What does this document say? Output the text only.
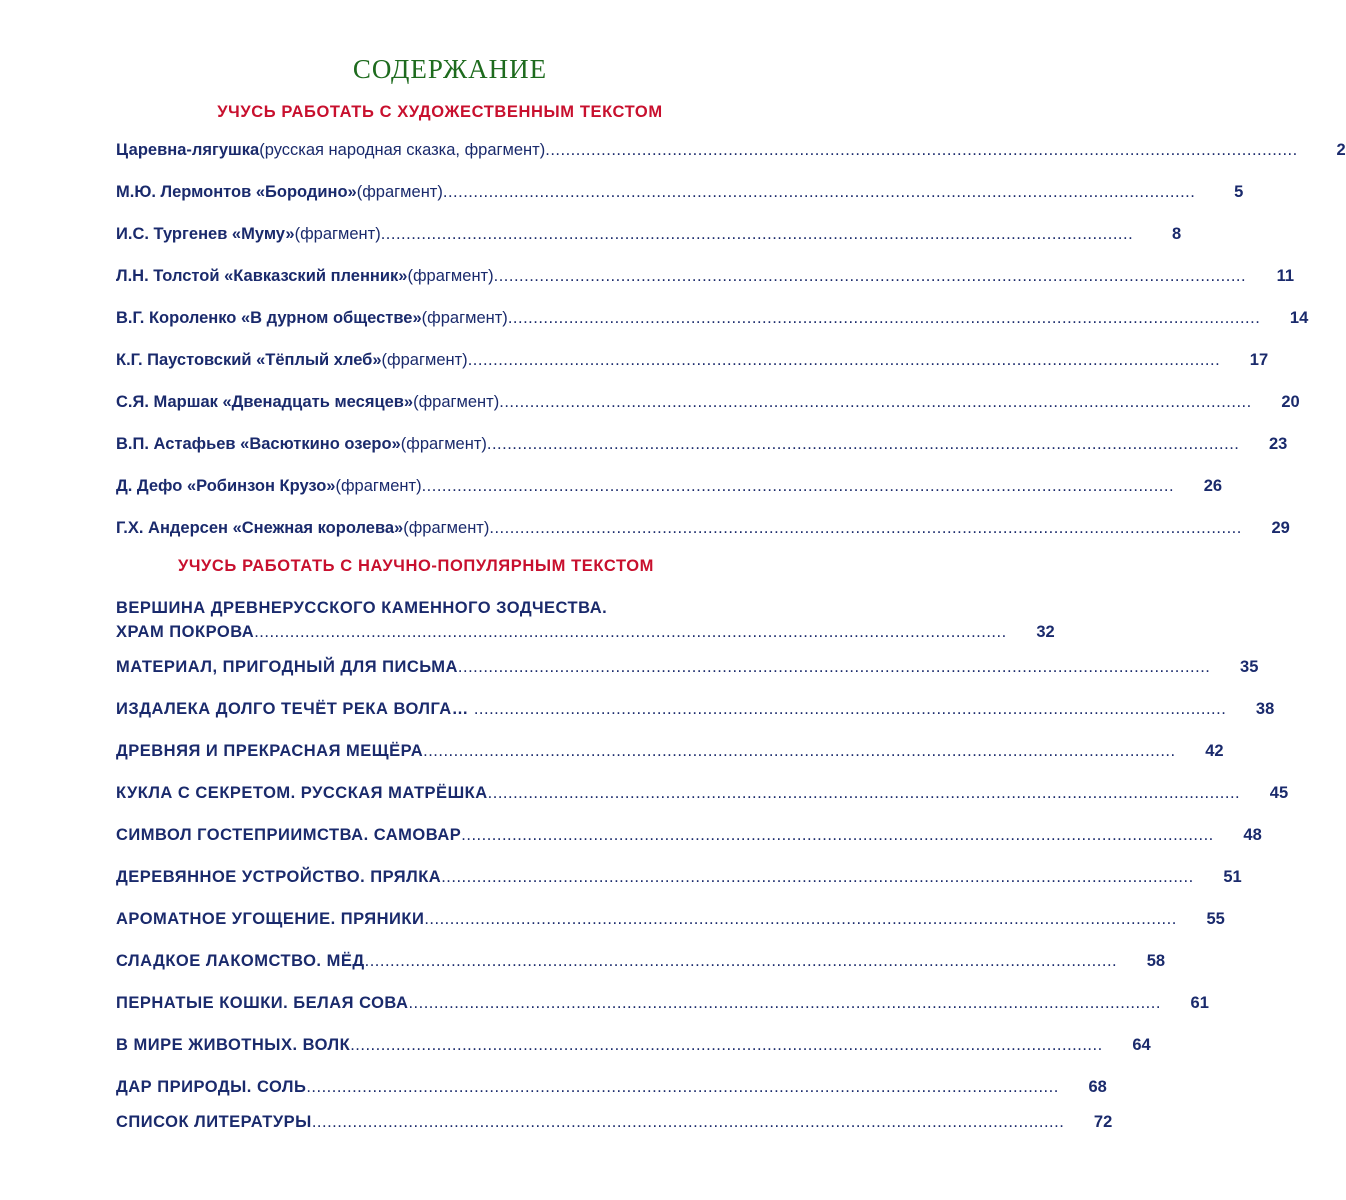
СОДЕРЖАНИЕ
УЧУСЬ РАБОТАТЬ С ХУДОЖЕСТВЕННЫМ ТЕКСТОМ
Царевна-лягушка (русская народная сказка, фрагмент) ....................................................................................................................................................	2
М.Ю. Лермонтов «Бородино» (фрагмент) ....................................................................................................................................................	5
И.С. Тургенев «Муму» (фрагмент) ....................................................................................................................................................	8
Л.Н. Толстой «Кавказский пленник» (фрагмент) .................................................................................................................................................... 11
В.Г. Короленко «В дурном обществе» (фрагмент) .................................................................................................................................................... 14
К.Г. Паустовский «Тёплый хлеб» (фрагмент) .................................................................................................................................................... 17
С.Я. Маршак «Двенадцать месяцев» (фрагмент) .................................................................................................................................................... 20
В.П. Астафьев «Васюткино озеро» (фрагмент) .................................................................................................................................................... 23
Д. Дефо «Робинзон Крузо» (фрагмент) .................................................................................................................................................... 26
Г.Х. Андерсен «Снежная королева» (фрагмент) .................................................................................................................................................... 29
УЧУСЬ РАБОТАТЬ С НАУЧНО-ПОПУЛЯРНЫМ ТЕКСТОМ
ВЕРШИНА ДРЕВНЕРУССКОГО КАМЕННОГО ЗОДЧЕСТВА.
ХРАМ ПОКРОВА .................................................................................................................................................... 32
МАТЕРИАЛ, ПРИГОДНЫЙ ДЛЯ ПИСЬМА .................................................................................................................................................... 35
ИЗДАЛЕКА ДОЛГО ТЕЧЁТ РЕКА ВОЛГА… .................................................................................................................................................... 38
ДРЕВНЯЯ И ПРЕКРАСНАЯ МЕЩЁРА .................................................................................................................................................... 42
КУКЛА С СЕКРЕТОМ. РУССКАЯ МАТРЁШКА .................................................................................................................................................... 45
СИМВОЛ ГОСТЕПРИИМСТВА. САМОВАР .................................................................................................................................................... 48
ДЕРЕВЯННОЕ УСТРОЙСТВО. ПРЯЛКА .................................................................................................................................................... 51
АРОМАТНОЕ УГОЩЕНИЕ. ПРЯНИКИ .................................................................................................................................................... 55
СЛАДКОЕ ЛАКОМСТВО. МЁД .................................................................................................................................................... 58
ПЕРНАТЫЕ КОШКИ. БЕЛАЯ СОВА .................................................................................................................................................... 61
В МИРЕ ЖИВОТНЫХ. ВОЛК .................................................................................................................................................... 64
ДАР ПРИРОДЫ. СОЛЬ .................................................................................................................................................... 68
СПИСОК ЛИТЕРАТУРЫ .................................................................................................................................................... 72
